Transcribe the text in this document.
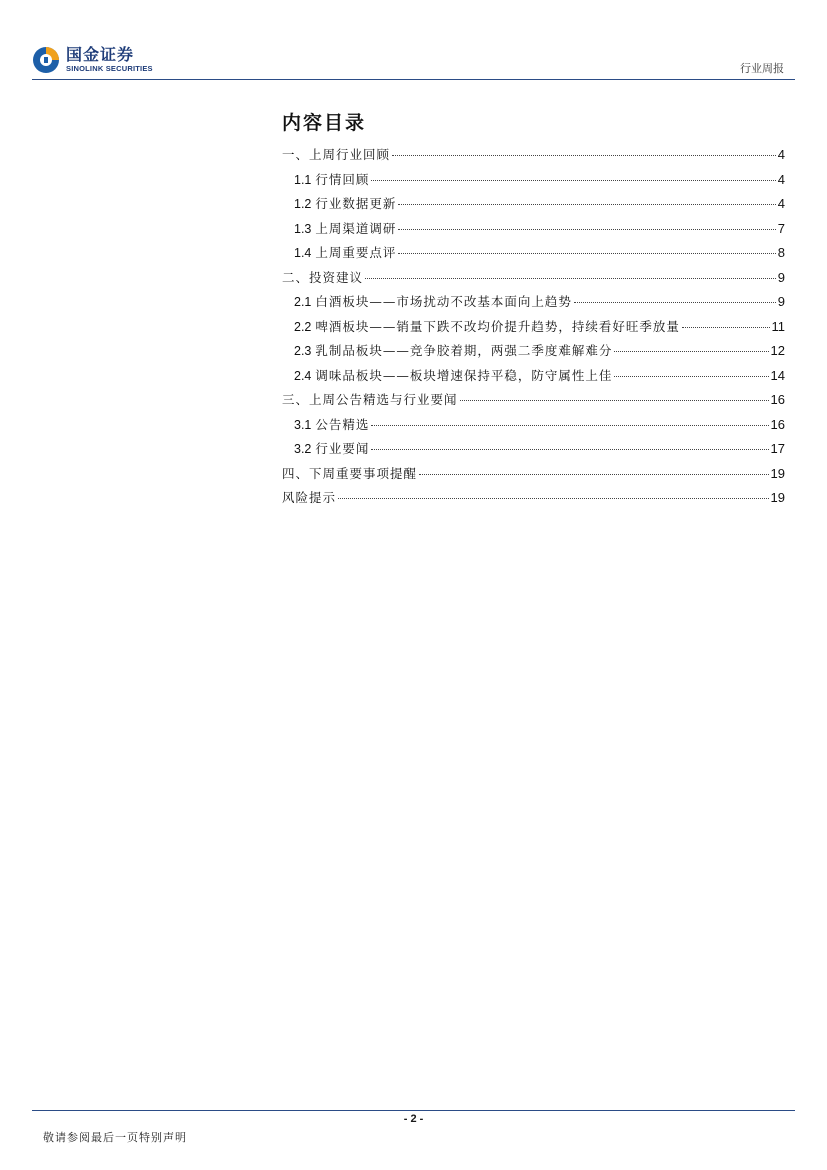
国金证券
SINOLINK SECURITIES	行业周报
内容目录
一、上周行业回顾	4
1.1 行情回顾	4
1.2 行业数据更新	4
1.3 上周渠道调研	7
1.4 上周重要点评	8
二、投资建议	9
2.1 白酒板块——市场扰动不改基本面向上趋势	9
2.2 啤酒板块——销量下跌不改均价提升趋势，持续看好旺季放量	11
2.3 乳制品板块——竞争胶着期，两强二季度难解难分	12
2.4 调味品板块——板块增速保持平稳，防守属性上佳	14
三、上周公告精选与行业要闻	16
3.1 公告精选	16
3.2 行业要闻	17
四、下周重要事项提醒	19
风险提示	19
- 2 -
敬请参阅最后一页特别声明
